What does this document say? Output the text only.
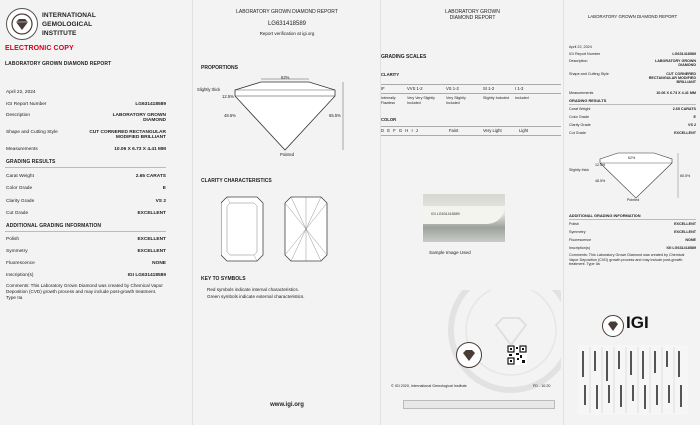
INTERNATIONAL
GEMOLOGICAL
INSTITUTE
ELECTRONIC COPY
LABORATORY GROWN DIAMOND REPORT
April 22, 2024
IGI Report Number	LG631418589
Description	LABORATORY GROWN
DIAMOND
Shape and Cutting Style	CUT CORNERED RECTANGULAR
MODIFIED BRILLIANT
Measurements	10.06 X 6.73 X 4.41 MM
GRADING RESULTS
Carat Weight	2.65 CARATS
Color Grade	E
Clarity Grade	VS 2
Cut Grade	EXCELLENT
ADDITIONAL GRADING INFORMATION
Polish	EXCELLENT
Symmetry	EXCELLENT
Fluorescence	NONE
Inscription(s)	IGI LG631418589
Comments: This Laboratory Grown Diamond was created by Chemical Vapor Deposition (CVD) growth process and may include post-growth treatment. Type IIa
LABORATORY GROWN DIAMOND REPORT
LG631418589
Report verification at igi.org
PROPORTIONS
62%
12.5%
48.5%	65.5%
Slightly thick
Pointed
CLARITY CHARACTERISTICS
KEY TO SYMBOLS
Red symbols indicate internal characteristics.
Green symbols indicate external characteristics.
www.igi.org
LABORATORY GROWN
DIAMOND REPORT
GRADING SCALES
CLARITY
IF	VVS 1-2	VS 1-2	SI 1-2	I 1-3
Internally Flawless
Very Very Slightly Included
Very Slightly Included
Slightly Included	Included
COLOR
D E F G H I J	Faint	Very Light	Light
IGI LG631418589
Sample Image Used
© IGI 2020, International Gemological Institute	FD - 10.20
LABORATORY GROWN DIAMOND REPORT
April 22, 2024
IGI Report Number	LG631418589
Description	LABORATORY GROWN
DIAMOND
Shape and Cutting Style	CUT CORNERED
RECTANGULAR MODIFIED
BRILLIANT
Measurements	10.06 X 6.73 X 4.41 MM
GRADING RESULTS
Carat Weight	2.65 CARATS
Color Grade	E
Clarity Grade	VS 2
Cut Grade	EXCELLENT
62%
12.5%
48.5%
65.5%
Slightly thick
Pointed
ADDITIONAL GRADING INFORMATION
Polish	EXCELLENT
Symmetry	EXCELLENT
Fluorescence	NONE
Inscription(s)	IGI LG631418589
Comments: This Laboratory Grown Diamond was created by Chemical Vapor Deposition (CVD) growth process and may include post-growth treatment. Type IIa
IGI
